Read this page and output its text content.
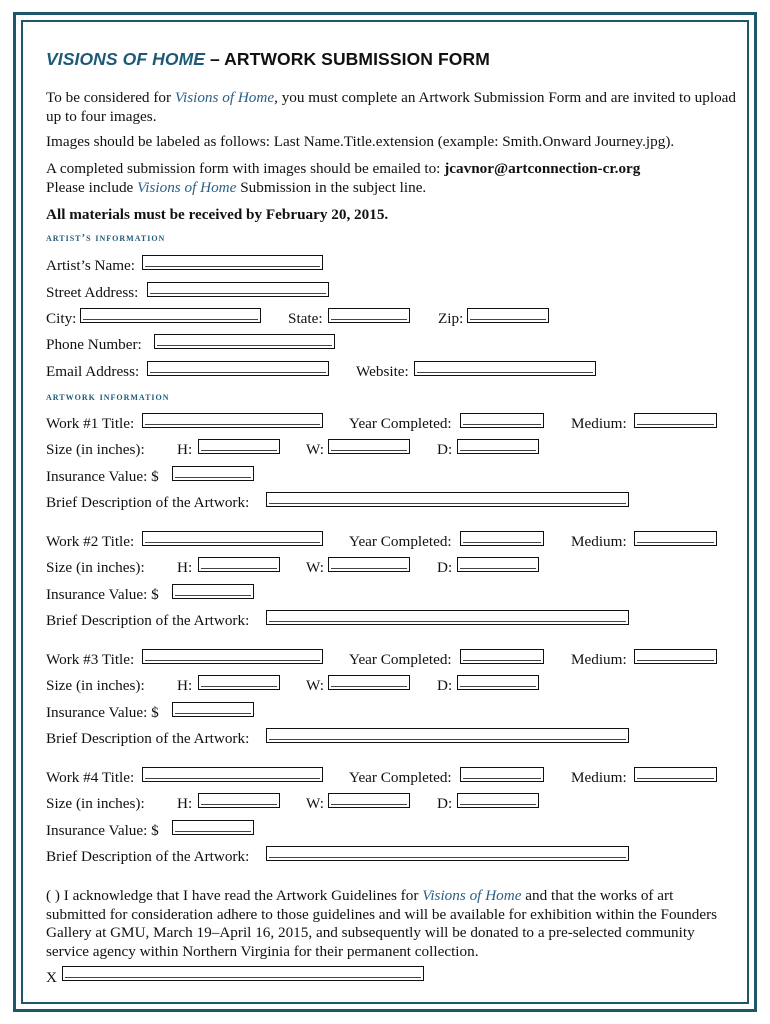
VISIONS OF HOME – ARTWORK SUBMISSION FORM
To be considered for Visions of Home, you must complete an Artwork Submission Form and are invited to upload up to four images.
Images should be labeled as follows: Last Name.Title.extension (example: Smith.Onward Journey.jpg).
A completed submission form with images should be emailed to: jcavnor@artconnection-cr.org
Please include Visions of Home Submission in the subject line.
All materials must be received by February 20, 2015.
artist’s information
Artist’s Name:
Street Address:
City:	State:	Zip:
Phone Number:
Email Address:	Website:
artwork information
Work #1 Title:	Year Completed:	Medium:
Size (in inches): H:	W:	D:
Insurance Value: $
Brief Description of the Artwork:
Work #2 Title:	Year Completed:	Medium:
Size (in inches): H:	W:	D:
Insurance Value: $
Brief Description of the Artwork:
Work #3 Title:	Year Completed:	Medium:
Size (in inches): H:	W:	D:
Insurance Value: $
Brief Description of the Artwork:
Work #4 Title:	Year Completed:	Medium:
Size (in inches): H:	W:	D:
Insurance Value: $
Brief Description of the Artwork:
( ) I acknowledge that I have read the Artwork Guidelines for Visions of Home and that the works of art submitted for consideration adhere to those guidelines and will be available for exhibition within the Founders Gallery at GMU, March 19–April 16, 2015, and subsequently will be donated to a pre-selected community service agency within Northern Virginia for their permanent collection.
X
